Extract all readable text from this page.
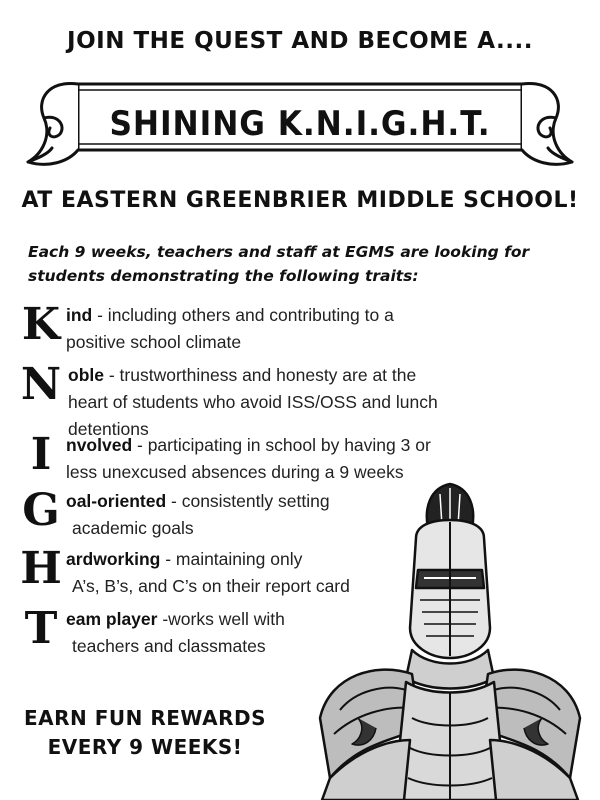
JOIN THE QUEST AND BECOME A....
SHINING K.N.I.G.H.T.
AT EASTERN GREENBRIER MIDDLE SCHOOL!
Each 9 weeks, teachers and staff at EGMS are looking for students demonstrating the following traits:
K ind - including others and contributing to a
positive school climate
N oble - trustworthiness and honesty are at the
heart of students who avoid ISS/OSS and lunch
detentions
I nvolved - participating in school by having 3 or
less unexcused absences during a 9 weeks
G oal-oriented - consistently setting
academic goals
H ardworking - maintaining only
A’s, B’s, and C’s on their report card
T eam player -works well with
teachers and classmates
EARN FUN REWARDS
EVERY 9 WEEKS!
